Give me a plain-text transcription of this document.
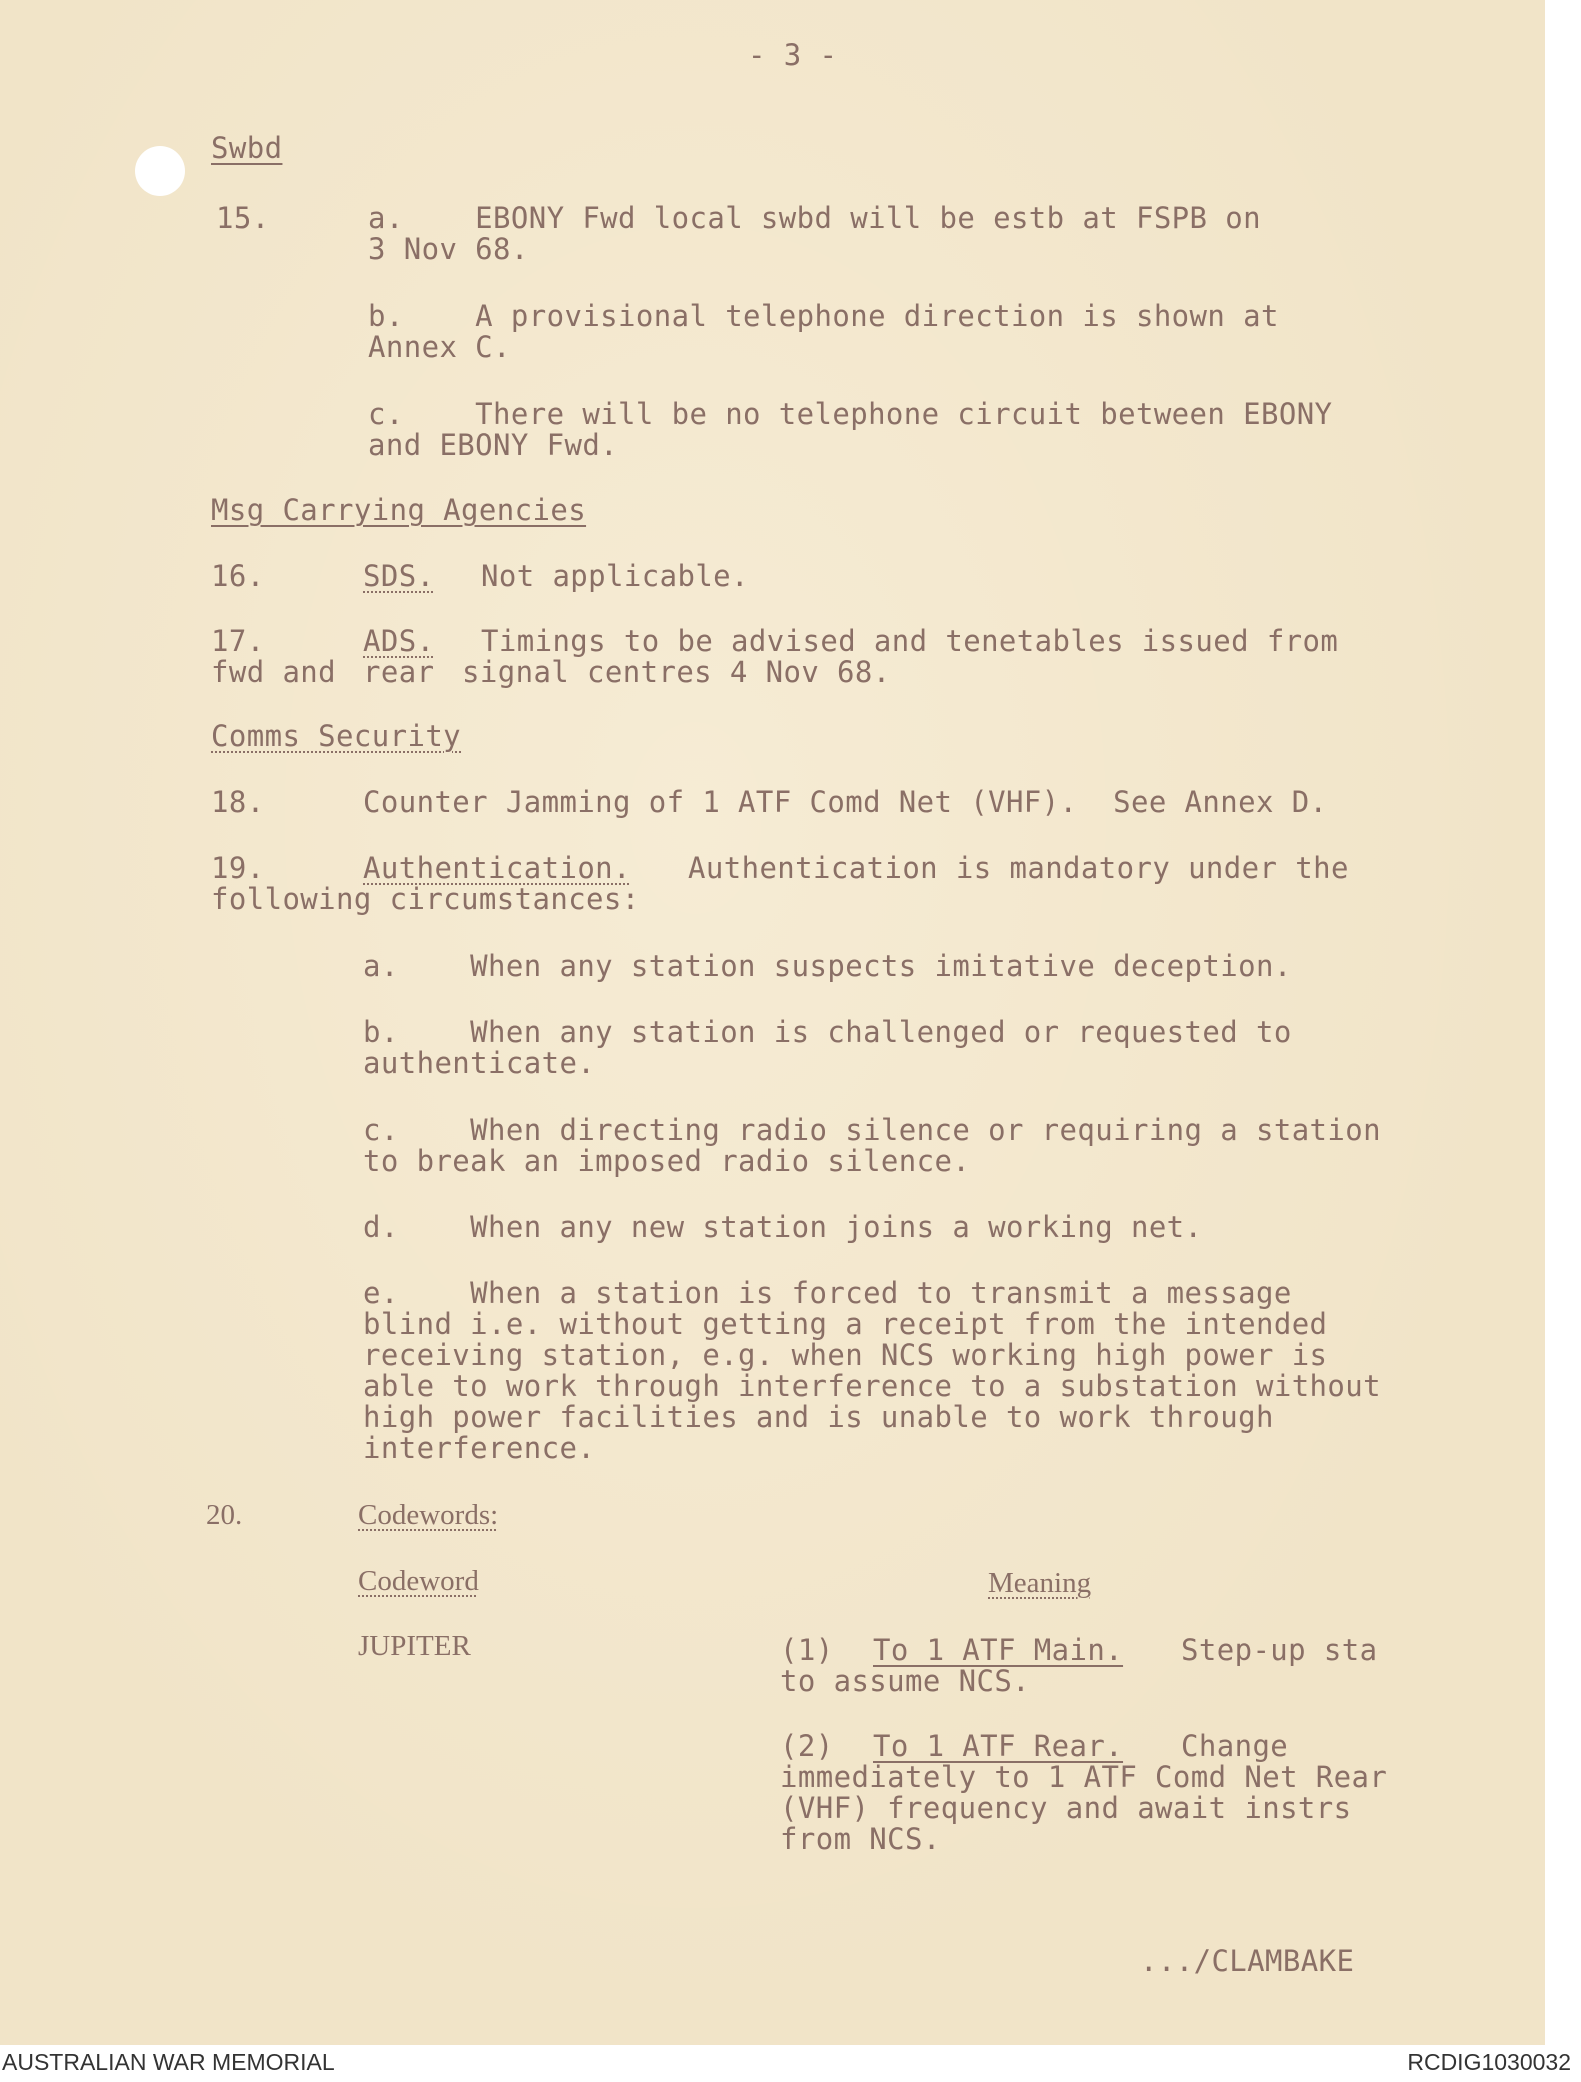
- 3 -

Swbd

15.	a.    EBONY Fwd local swbd will be estb at FSPB on

3 Nov 68.

b.    A provisional telephone direction is shown at

Annex C.

c.    There will be no telephone circuit between EBONY

and EBONY Fwd.

Msg Carrying Agencies

16.	SDS. Not applicable.

17.	ADS. Timings to be advised and tenetables issued from

fwd and rear signal centres 4 Nov 68.

Comms Security

18.	Counter Jamming of 1 ATF Comd Net (VHF).  See Annex D.

19.	Authentication. Authentication is mandatory under the

following circumstances:

a.    When any station suspects imitative deception.

b.    When any station is challenged or requested to

authenticate.

c.    When directing radio silence or requiring a station

to break an imposed radio silence.

d.    When any new station joins a working net.

e.    When a station is forced to transmit a message

blind i.e. without getting a receipt from the intended

receiving station, e.g. when NCS working high power is

able to work through interference to a substation without

high power facilities and is unable to work through

interference.

20.	Codewords:

Codeword	Meaning

JUPITER	(1) To 1 ATF Main. Step-up sta

to assume NCS.

(2) To 1 ATF Rear. Change

immediately to 1 ATF Comd Net Rear

(VHF) frequency and await instrs

from NCS.

.../CLAMBAKE

AUSTRALIAN WAR MEMORIAL	RCDIG1030032
